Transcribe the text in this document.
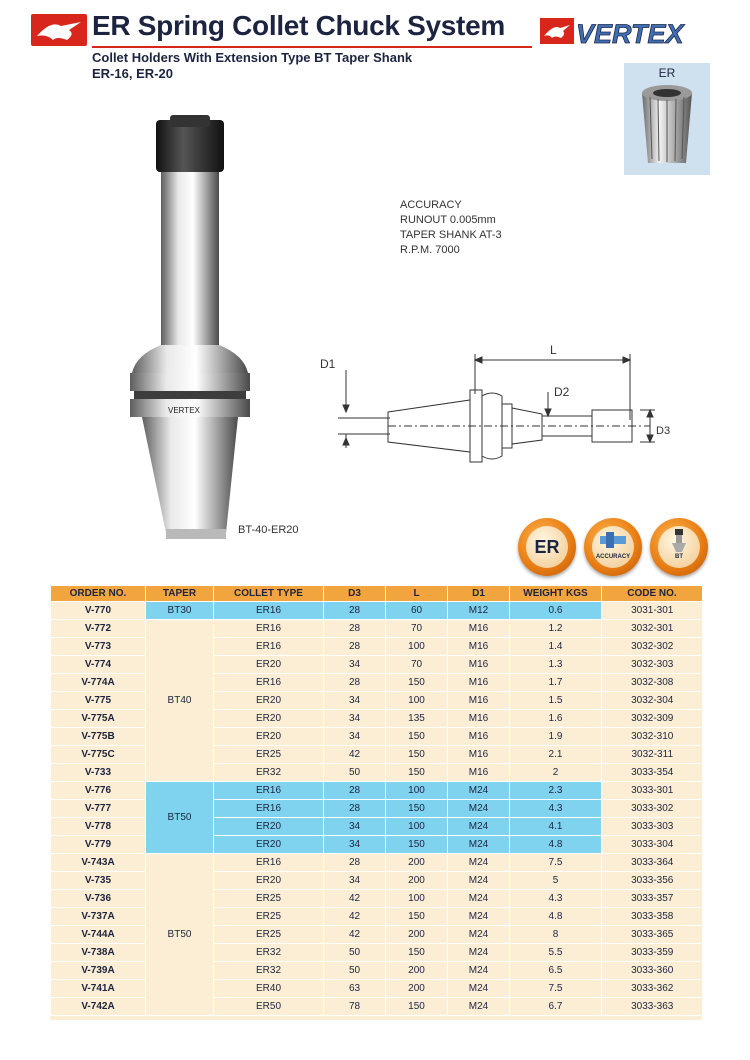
ER Spring Collet Chuck System	VERTEX
Collet Holders With Extension Type BT Taper Shank
ER-16, ER-20	ER
VERTEX
ACCURACY
RUNOUT 0.005mm
TAPER SHANK AT-3
R.P.M. 7000
L
D1
D2
D3
BT-40-ER20
ER	ACCURACY	BT
ORDER NO.	TAPER	COLLET TYPE	D3	L	D1	WEIGHT KGS	CODE NO.
V-770	BT30	ER16	28	60	M12	0.6	3031-301
V-772	BT40	ER16	28	70	M16	1.2	3032-301
V-773		ER16	28	100	M16	1.4	3032-302
V-774		ER20	34	70	M16	1.3	3032-303
V-774A		ER16	28	150	M16	1.7	3032-308
V-775		ER20	34	100	M16	1.5	3032-304
V-775A		ER20	34	135	M16	1.6	3032-309
V-775B		ER20	34	150	M16	1.9	3032-310
V-775C		ER25	42	150	M16	2.1	3032-311
V-733		ER32	50	150	M16	2	3033-354
V-776	BT50	ER16	28	100	M24	2.3	3033-301
V-777		ER16	28	150	M24	4.3	3033-302
V-778		ER20	34	100	M24	4.1	3033-303
V-779		ER20	34	150	M24	4.8	3033-304
V-743A	BT50	ER16	28	200	M24	7.5	3033-364
V-735		ER20	34	200	M24	5	3033-356
V-736		ER25	42	100	M24	4.3	3033-357
V-737A		ER25	42	150	M24	4.8	3033-358
V-744A		ER25	42	200	M24	8	3033-365
V-738A		ER32	50	150	M24	5.5	3033-359
V-739A		ER32	50	200	M24	6.5	3033-360
V-741A		ER40	63	200	M24	7.5	3033-362
V-742A		ER50	78	150	M24	6.7	3033-363
